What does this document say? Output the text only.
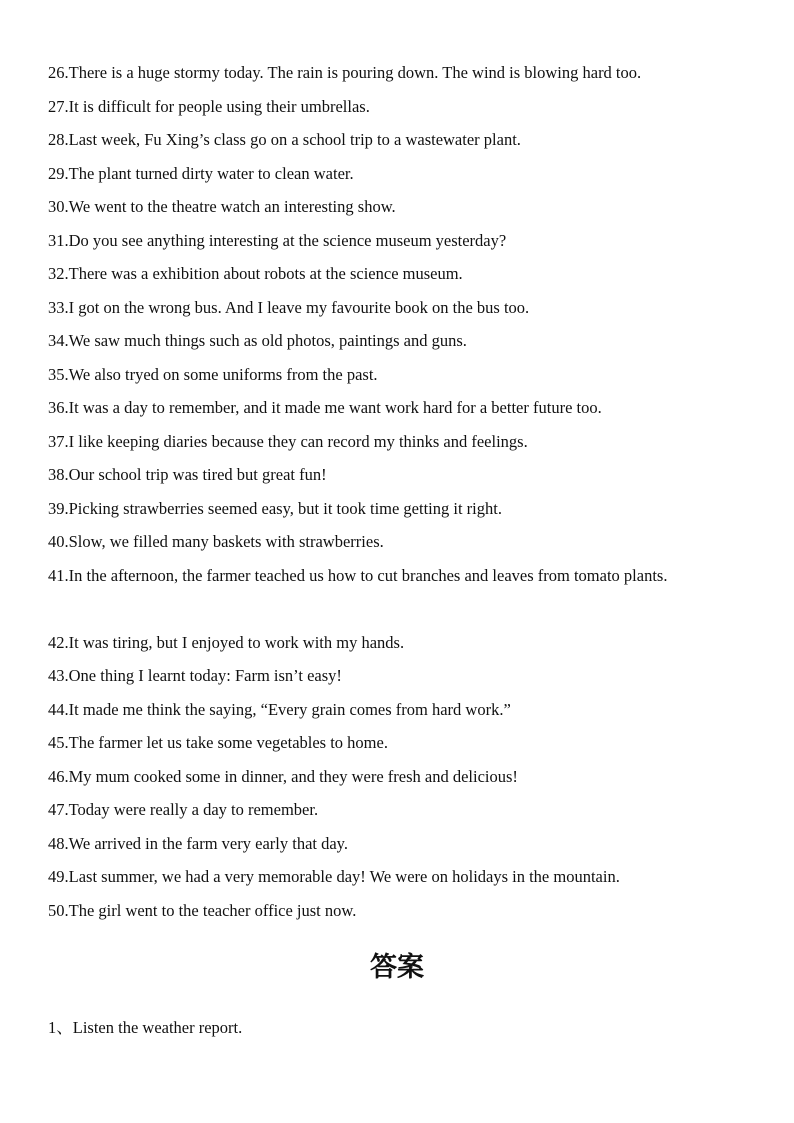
26. There is a huge stormy today. The rain is pouring down. The wind is blowing hard too.
27. It is difficult for people using their umbrellas.
28. Last week, Fu Xing’s class go on a school trip to a wastewater plant.
29. The plant turned dirty water to clean water.
30. We went to the theatre watch an interesting show.
31. Do you see anything interesting at the science museum yesterday?
32. There was a exhibition about robots at the science museum.
33. I got on the wrong bus. And I leave my favourite book on the bus too.
34. We saw much things such as old photos, paintings and guns.
35. We also tryed on some uniforms from the past.
36. It was a day to remember, and it made me want work hard for a better future too.
37. I like keeping diaries because they can record my thinks and feelings.
38. Our school trip was tired but great fun!
39. Picking strawberries seemed easy, but it took time getting it right.
40. Slow, we filled many baskets with strawberries.
41. In the afternoon, the farmer teached us how to cut branches and leaves from tomato plants.
42. It was tiring, but I enjoyed to work with my hands.
43. One thing I learnt today: Farm isn’t easy!
44. It made me think the saying, “Every grain comes from hard work.”
45. The farmer let us take some vegetables to home.
46. My mum cooked some in dinner, and they were fresh and delicious!
47. Today were really a day to remember.
48. We arrived in the farm very early that day.
49. Last summer, we had a very memorable day! We were on holidays in the mountain.
50. The girl went to the teacher office just now.
答案
1、Listen the weather report.
